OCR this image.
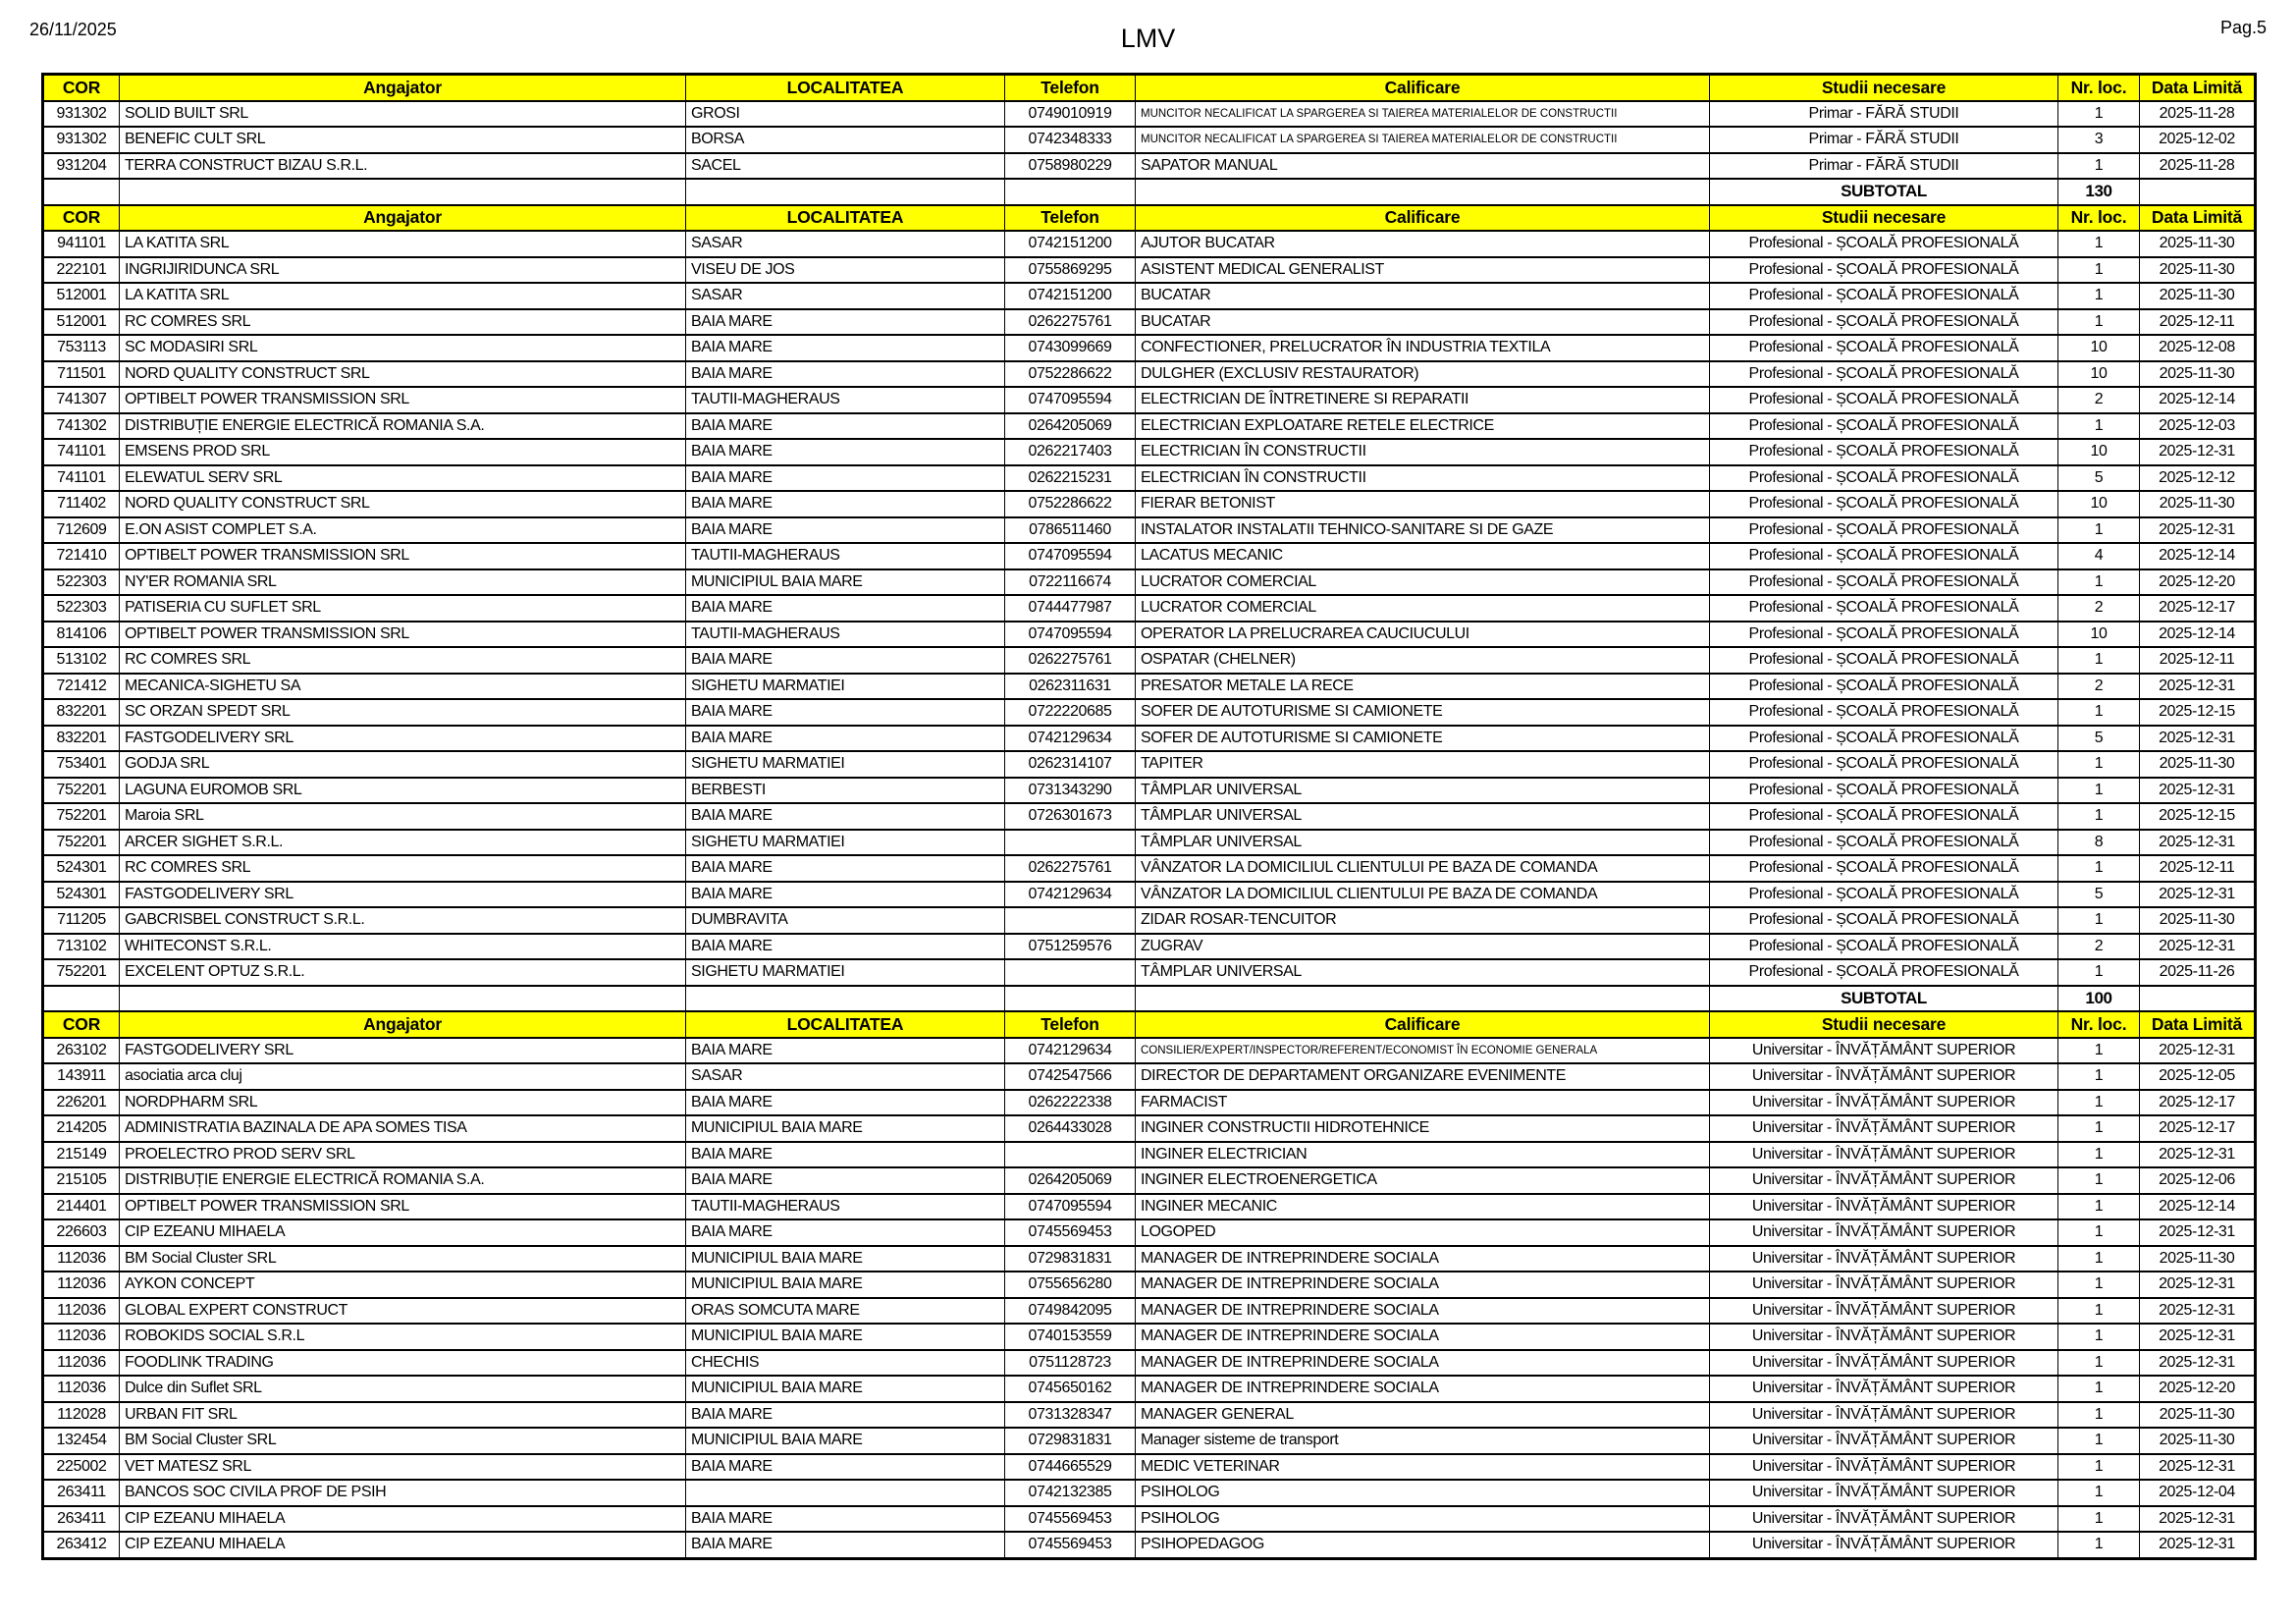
26/11/2025	LMV	Pag.5
COR	Angajator	LOCALITATEA	Telefon	Calificare	Studii necesare	Nr. loc.	Data Limită
931302	SOLID BUILT SRL	GROSI	0749010919	MUNCITOR NECALIFICAT LA SPARGEREA SI TAIEREA MATERIALELOR DE CONSTRUCTII	Primar - FĂRĂ STUDII	1	2025-11-28
931302	BENEFIC CULT SRL	BORSA	0742348333	MUNCITOR NECALIFICAT LA SPARGEREA SI TAIEREA MATERIALELOR DE CONSTRUCTII	Primar - FĂRĂ STUDII	3	2025-12-02
931204	TERRA CONSTRUCT BIZAU S.R.L.	SACEL	0758980229	SAPATOR MANUAL	Primar - FĂRĂ STUDII	1	2025-11-28
					SUBTOTAL	130	
COR	Angajator	LOCALITATEA	Telefon	Calificare	Studii necesare	Nr. loc.	Data Limită
941101	LA KATITA SRL	SASAR	0742151200	AJUTOR BUCATAR	Profesional - ȘCOALĂ PROFESIONALĂ	1	2025-11-30
222101	INGRIJIRIDUNCA SRL	VISEU DE JOS	0755869295	ASISTENT MEDICAL GENERALIST	Profesional - ȘCOALĂ PROFESIONALĂ	1	2025-11-30
512001	LA KATITA SRL	SASAR	0742151200	BUCATAR	Profesional - ȘCOALĂ PROFESIONALĂ	1	2025-11-30
512001	RC COMRES SRL	BAIA MARE	0262275761	BUCATAR	Profesional - ȘCOALĂ PROFESIONALĂ	1	2025-12-11
753113	SC MODASIRI SRL	BAIA MARE	0743099669	CONFECTIONER, PRELUCRATOR ÎN INDUSTRIA TEXTILA	Profesional - ȘCOALĂ PROFESIONALĂ	10	2025-12-08
711501	NORD QUALITY CONSTRUCT SRL	BAIA MARE	0752286622	DULGHER (EXCLUSIV RESTAURATOR)	Profesional - ȘCOALĂ PROFESIONALĂ	10	2025-11-30
741307	OPTIBELT POWER TRANSMISSION SRL	TAUTII-MAGHERAUS	0747095594	ELECTRICIAN DE ÎNTRETINERE SI REPARATII	Profesional - ȘCOALĂ PROFESIONALĂ	2	2025-12-14
741302	DISTRIBUȚIE ENERGIE ELECTRICĂ ROMANIA S.A.	BAIA MARE	0264205069	ELECTRICIAN EXPLOATARE RETELE ELECTRICE	Profesional - ȘCOALĂ PROFESIONALĂ	1	2025-12-03
741101	EMSENS PROD SRL	BAIA MARE	0262217403	ELECTRICIAN ÎN CONSTRUCTII	Profesional - ȘCOALĂ PROFESIONALĂ	10	2025-12-31
741101	ELEWATUL SERV SRL	BAIA MARE	0262215231	ELECTRICIAN ÎN CONSTRUCTII	Profesional - ȘCOALĂ PROFESIONALĂ	5	2025-12-12
711402	NORD QUALITY CONSTRUCT SRL	BAIA MARE	0752286622	FIERAR BETONIST	Profesional - ȘCOALĂ PROFESIONALĂ	10	2025-11-30
712609	E.ON ASIST COMPLET S.A.	BAIA MARE	0786511460	INSTALATOR INSTALATII TEHNICO-SANITARE SI DE GAZE	Profesional - ȘCOALĂ PROFESIONALĂ	1	2025-12-31
721410	OPTIBELT POWER TRANSMISSION SRL	TAUTII-MAGHERAUS	0747095594	LACATUS MECANIC	Profesional - ȘCOALĂ PROFESIONALĂ	4	2025-12-14
522303	NY'ER ROMANIA SRL	MUNICIPIUL BAIA MARE	0722116674	LUCRATOR COMERCIAL	Profesional - ȘCOALĂ PROFESIONALĂ	1	2025-12-20
522303	PATISERIA CU SUFLET SRL	BAIA MARE	0744477987	LUCRATOR COMERCIAL	Profesional - ȘCOALĂ PROFESIONALĂ	2	2025-12-17
814106	OPTIBELT POWER TRANSMISSION SRL	TAUTII-MAGHERAUS	0747095594	OPERATOR LA PRELUCRAREA CAUCIUCULUI	Profesional - ȘCOALĂ PROFESIONALĂ	10	2025-12-14
513102	RC COMRES SRL	BAIA MARE	0262275761	OSPATAR (CHELNER)	Profesional - ȘCOALĂ PROFESIONALĂ	1	2025-12-11
721412	MECANICA-SIGHETU SA	SIGHETU MARMATIEI	0262311631	PRESATOR METALE LA RECE	Profesional - ȘCOALĂ PROFESIONALĂ	2	2025-12-31
832201	SC ORZAN SPEDT SRL	BAIA MARE	0722220685	SOFER DE AUTOTURISME SI CAMIONETE	Profesional - ȘCOALĂ PROFESIONALĂ	1	2025-12-15
832201	FASTGODELIVERY SRL	BAIA MARE	0742129634	SOFER DE AUTOTURISME SI CAMIONETE	Profesional - ȘCOALĂ PROFESIONALĂ	5	2025-12-31
753401	GODJA SRL	SIGHETU MARMATIEI	0262314107	TAPITER	Profesional - ȘCOALĂ PROFESIONALĂ	1	2025-11-30
752201	LAGUNA EUROMOB SRL	BERBESTI	0731343290	TÂMPLAR UNIVERSAL	Profesional - ȘCOALĂ PROFESIONALĂ	1	2025-12-31
752201	Maroia SRL	BAIA MARE	0726301673	TÂMPLAR UNIVERSAL	Profesional - ȘCOALĂ PROFESIONALĂ	1	2025-12-15
752201	ARCER SIGHET S.R.L.	SIGHETU MARMATIEI		TÂMPLAR UNIVERSAL	Profesional - ȘCOALĂ PROFESIONALĂ	8	2025-12-31
524301	RC COMRES SRL	BAIA MARE	0262275761	VÂNZATOR LA DOMICILIUL CLIENTULUI PE BAZA DE COMANDA	Profesional - ȘCOALĂ PROFESIONALĂ	1	2025-12-11
524301	FASTGODELIVERY SRL	BAIA MARE	0742129634	VÂNZATOR LA DOMICILIUL CLIENTULUI PE BAZA DE COMANDA	Profesional - ȘCOALĂ PROFESIONALĂ	5	2025-12-31
711205	GABCRISBEL CONSTRUCT S.R.L.	DUMBRAVITA		ZIDAR ROSAR-TENCUITOR	Profesional - ȘCOALĂ PROFESIONALĂ	1	2025-11-30
713102	WHITECONST S.R.L.	BAIA MARE	0751259576	ZUGRAV	Profesional - ȘCOALĂ PROFESIONALĂ	2	2025-12-31
752201	EXCELENT OPTUZ S.R.L.	SIGHETU MARMATIEI		TÂMPLAR UNIVERSAL	Profesional - ȘCOALĂ PROFESIONALĂ	1	2025-11-26
					SUBTOTAL	100	
COR	Angajator	LOCALITATEA	Telefon	Calificare	Studii necesare	Nr. loc.	Data Limită
263102	FASTGODELIVERY SRL	BAIA MARE	0742129634	CONSILIER/EXPERT/INSPECTOR/REFERENT/ECONOMIST ÎN ECONOMIE GENERALA	Universitar - ÎNVĂȚĂMÂNT SUPERIOR	1	2025-12-31
143911	asociatia arca cluj	SASAR	0742547566	DIRECTOR DE DEPARTAMENT ORGANIZARE EVENIMENTE	Universitar - ÎNVĂȚĂMÂNT SUPERIOR	1	2025-12-05
226201	NORDPHARM SRL	BAIA MARE	0262222338	FARMACIST	Universitar - ÎNVĂȚĂMÂNT SUPERIOR	1	2025-12-17
214205	ADMINISTRATIA BAZINALA DE APA SOMES TISA	MUNICIPIUL BAIA MARE	0264433028	INGINER CONSTRUCTII HIDROTEHNICE	Universitar - ÎNVĂȚĂMÂNT SUPERIOR	1	2025-12-17
215149	PROELECTRO PROD SERV SRL	BAIA MARE		INGINER ELECTRICIAN	Universitar - ÎNVĂȚĂMÂNT SUPERIOR	1	2025-12-31
215105	DISTRIBUȚIE ENERGIE ELECTRICĂ ROMANIA S.A.	BAIA MARE	0264205069	INGINER ELECTROENERGETICA	Universitar - ÎNVĂȚĂMÂNT SUPERIOR	1	2025-12-06
214401	OPTIBELT POWER TRANSMISSION SRL	TAUTII-MAGHERAUS	0747095594	INGINER MECANIC	Universitar - ÎNVĂȚĂMÂNT SUPERIOR	1	2025-12-14
226603	CIP EZEANU MIHAELA	BAIA MARE	0745569453	LOGOPED	Universitar - ÎNVĂȚĂMÂNT SUPERIOR	1	2025-12-31
112036	BM Social Cluster SRL	MUNICIPIUL BAIA MARE	0729831831	MANAGER DE INTREPRINDERE SOCIALA	Universitar - ÎNVĂȚĂMÂNT SUPERIOR	1	2025-11-30
112036	AYKON CONCEPT	MUNICIPIUL BAIA MARE	0755656280	MANAGER DE INTREPRINDERE SOCIALA	Universitar - ÎNVĂȚĂMÂNT SUPERIOR	1	2025-12-31
112036	GLOBAL EXPERT CONSTRUCT	ORAS SOMCUTA MARE	0749842095	MANAGER DE INTREPRINDERE SOCIALA	Universitar - ÎNVĂȚĂMÂNT SUPERIOR	1	2025-12-31
112036	ROBOKIDS SOCIAL S.R.L	MUNICIPIUL BAIA MARE	0740153559	MANAGER DE INTREPRINDERE SOCIALA	Universitar - ÎNVĂȚĂMÂNT SUPERIOR	1	2025-12-31
112036	FOODLINK TRADING	CHECHIS	0751128723	MANAGER DE INTREPRINDERE SOCIALA	Universitar - ÎNVĂȚĂMÂNT SUPERIOR	1	2025-12-31
112036	Dulce din Suflet SRL	MUNICIPIUL BAIA MARE	0745650162	MANAGER DE INTREPRINDERE SOCIALA	Universitar - ÎNVĂȚĂMÂNT SUPERIOR	1	2025-12-20
112028	URBAN FIT SRL	BAIA MARE	0731328347	MANAGER GENERAL	Universitar - ÎNVĂȚĂMÂNT SUPERIOR	1	2025-11-30
132454	BM Social Cluster SRL	MUNICIPIUL BAIA MARE	0729831831	Manager sisteme de transport	Universitar - ÎNVĂȚĂMÂNT SUPERIOR	1	2025-11-30
225002	VET MATESZ SRL	BAIA MARE	0744665529	MEDIC VETERINAR	Universitar - ÎNVĂȚĂMÂNT SUPERIOR	1	2025-12-31
263411	BANCOS SOC CIVILA PROF DE PSIH		0742132385	PSIHOLOG	Universitar - ÎNVĂȚĂMÂNT SUPERIOR	1	2025-12-04
263411	CIP EZEANU MIHAELA	BAIA MARE	0745569453	PSIHOLOG	Universitar - ÎNVĂȚĂMÂNT SUPERIOR	1	2025-12-31
263412	CIP EZEANU MIHAELA	BAIA MARE	0745569453	PSIHOPEDAGOG	Universitar - ÎNVĂȚĂMÂNT SUPERIOR	1	2025-12-31
